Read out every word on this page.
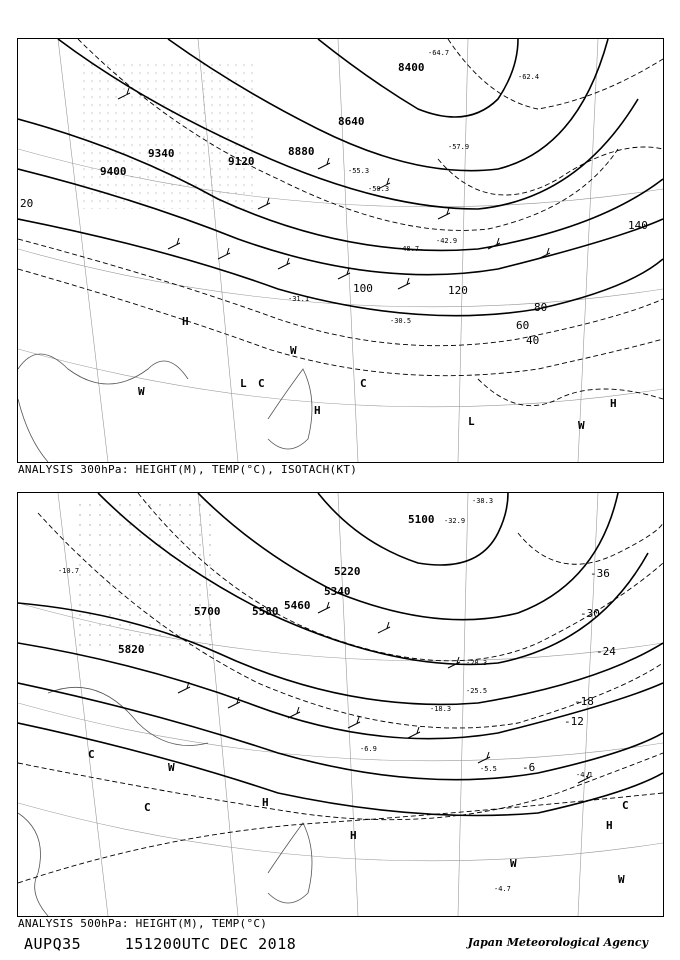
8400
8640
8880
9120
9340
9400
20
40
60
80
100	120
140
-30.5
-31.1
-42.9
-48.7
-50.3
-55.3
-57.9
-62.4
-64.7
H
H
H
L
L
W
W
W
C	C
ANALYSIS 300hPa: HEIGHT(M), TEMP(°C), ISOTACH(KT)
5100
5220
5340
5460
5580
5700
5820
-6
-12
-18
-24
-30
-36
-32.9
-38.3
-28.3
-25.5
-18.3
-6.9
-5.5
-4.1
-4.7
-10.7
H
H
H
W
W
W
C
C	C
ANALYSIS 500hPa: HEIGHT(M), TEMP(°C)
AUPQ35	151200UTC DEC 2018	Japan Meteorological Agency
